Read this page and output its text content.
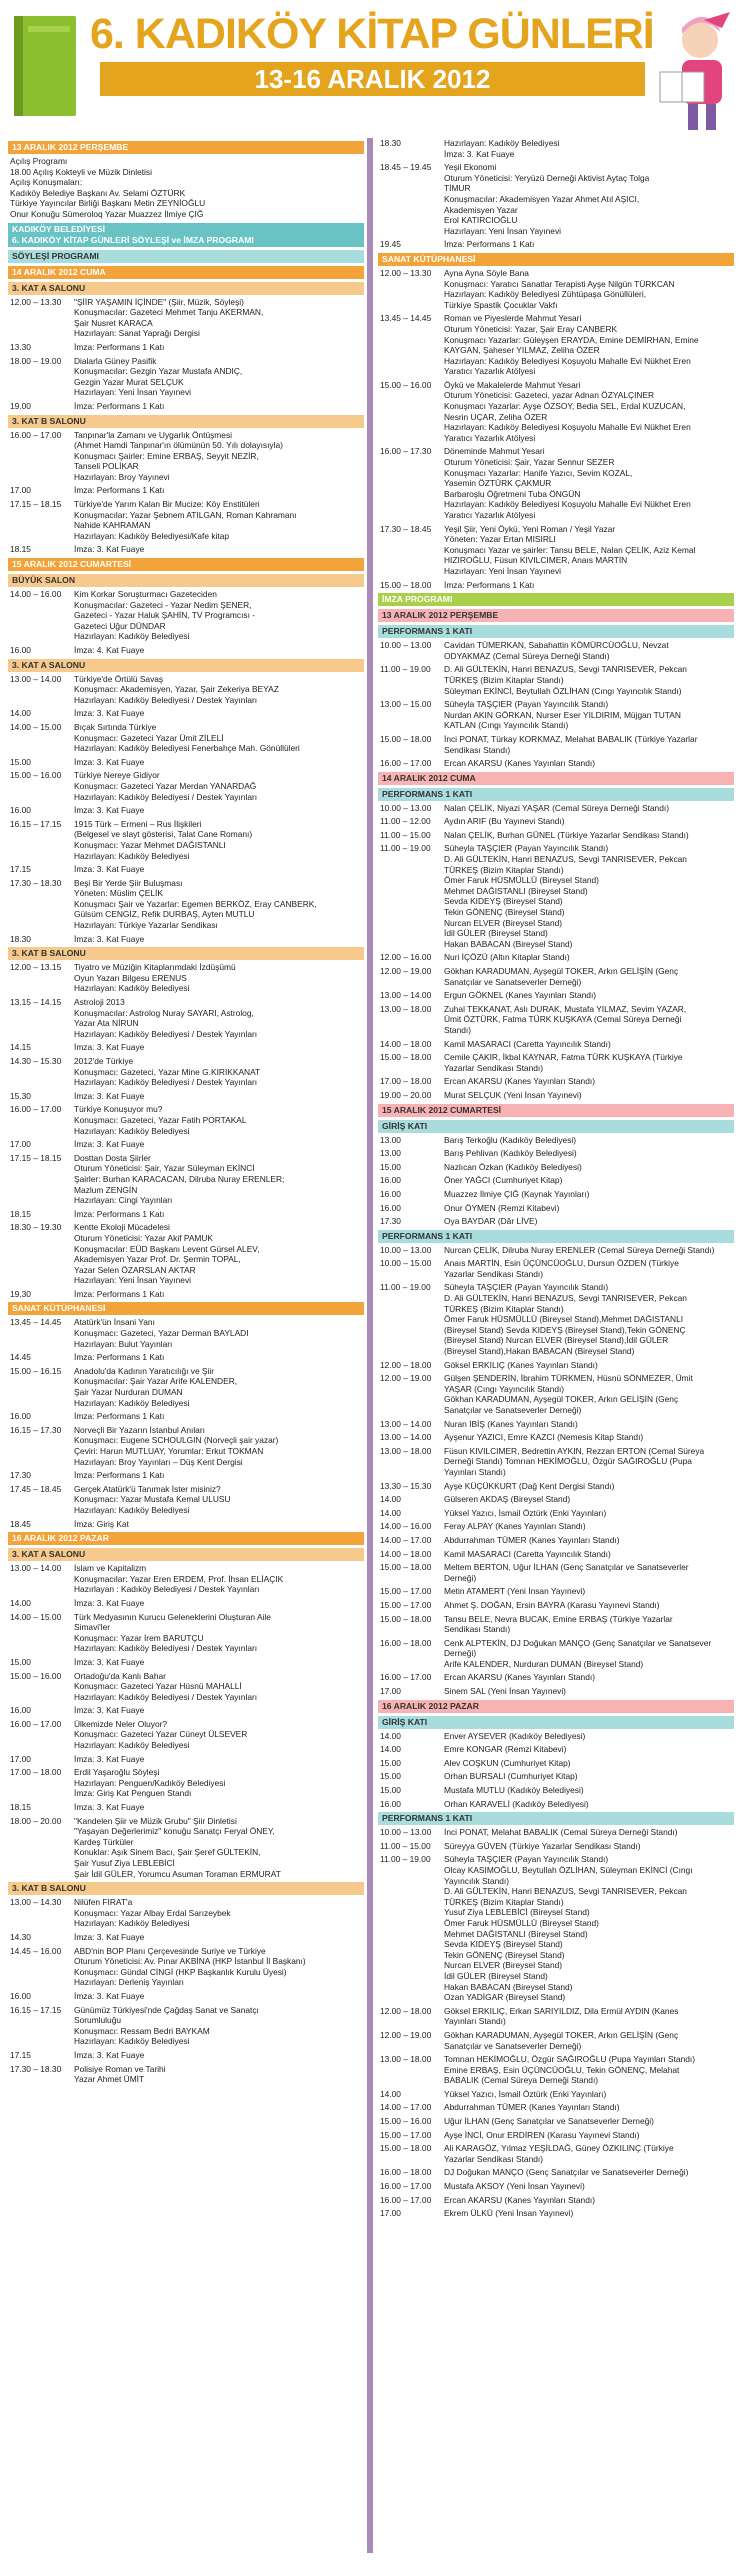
6. KADIKÖY KİTAP GÜNLERİ
13-16 ARALIK 2012
13 ARALIK 2012 PERŞEMBE
Açılış Programı
18.00 Açılış Kokteyli ve Müzik Dinletisi
Açılış Konuşmaları:
Kadıköy Belediye Başkanı Av. Selami ÖZTÜRK
Türkiye Yayıncılar Birliği Başkanı Metin ZEYNİOĞLU
Onur Konuğu Sümeroloq Yazar Muazzez İlmiye ÇIĞ
KADIKÖY BELEDİYESİ
6. KADIKÖY KİTAP GÜNLERİ SÖYLEŞİ ve İMZA PROGRAMI
SÖYLEŞİ PROGRAMI
14 ARALIK 2012 CUMA
3. KAT A SALONU
12.00 – 13.30	"ŞİİR YAŞAMIN İÇİNDE" (Şiir, Müzik, Söyleşi)
Konuşmacılar: Gazeteci Mehmet Tanju AKERMAN,
Şair Nusret KARACA
Hazırlayan: Sanat Yaprağı Dergisi
13.30	İmza: Performans 1 Katı
18.00 – 19.00	Dialarla Güney Pasifik
Konuşmacılar: Gezgin Yazar Mustafa ANDIÇ,
Gezgin Yazar Murat SELÇUK
Hazırlayan: Yeni İnsan Yayınevi
19.00	İmza: Performans 1 Katı
3. KAT B SALONU
16.00 – 17.00	Tanpınar'la Zamanı ve Uygarlık Öntüşmesi
(Ahmet Hamdi Tanpınar'ın ölümünün 50. Yılı dolayısıyla)
Konuşmacı Şairler: Emine ERBAŞ, Seyyit NEZİR,
Tanseli POLİKAR
Hazırlayan: Broy Yayınevi
17.00	İmza: Performans 1 Katı
17.15 – 18.15	Türkiye'de Yarım Kalan Bir Mucize: Köy Enstitüleri
Konuşmacılar: Yazar Şebnem ATILGAN, Roman Kahramanı
Nahide KAHRAMAN
Hazırlayan: Kadıköy Belediyesi/Kafe kitap
18.15	İmza: 3. Kat Fuaye
15 ARALIK 2012 CUMARTESİ
BÜYÜK SALON
14.00 – 16.00	Kim Korkar Soruşturmacı Gazeteciden
Konuşmacılar: Gazeteci - Yazar Nedim ŞENER,
Gazeteci - Yazar Haluk ŞAHİN, TV Programcısı -
Gazeteci Uğur DÜNDAR
Hazırlayan: Kadıköy Belediyesi
16.00	İmza: 4. Kat Fuaye
3. KAT A SALONU
13.00 – 14.00	Türkiye'de Örtülü Savaş
Konuşmacı: Akademisyen, Yazar, Şair Zekeriya BEYAZ
Hazırlayan: Kadıköy Belediyesi / Destek Yayınları
14.00	İmza: 3. Kat Fuaye
14.00 – 15.00	Bıçak Sırtında Türkiye
Konuşmacı: Gazeteci Yazar Ümit ZİLELİ
Hazırlayan: Kadıköy Belediyesi Fenerbahçe Mah. Gönüllüleri
15.00	İmza: 3. Kat Fuaye
15.00 – 16.00	Türkiye Nereye Gidiyor
Konuşmacı: Gazeteci Yazar Merdan YANARDAĞ
Hazırlayan: Kadıköy Belediyesi / Destek Yayınları
16.00	İmza: 3. Kat Fuaye
16.15 – 17.15	1915 Türk – Ermeni – Rus İlişkileri
(Belgesel ve slayt gösterisi, Talat Cane Romanı)
Konuşmacı: Yazar Mehmet DAĞISTANLI
Hazırlayan: Kadıköy Belediyesi
17.15	İmza: 3. Kat Fuaye
17.30 – 18.30	Beşi Bir Yerde Şiir Buluşması
Yöneten: Müslim ÇELİK
Konuşmacı Şair ve Yazarlar: Egemen BERKÖZ, Eray CANBERK,
Gülsüm CENGİZ, Refik DURBAŞ, Ayten MUTLU
Hazırlayan: Türkiye Yazarlar Sendikası
18.30	İmza: 3. Kat Fuaye
3. KAT B SALONU
12.00 – 13.15	Tiyatro ve Müziğin Kitaplarımdaki İzdüşümü
Oyun Yazarı Bilgesu ERENUS
Hazırlayan: Kadıköy Belediyesi
13.15 – 14.15	Astroloji 2013
Konuşmacılar: Astrolog Nuray SAYARI, Astrolog,
Yazar Ata NİRUN
Hazırlayan: Kadıköy Belediyesi / Destek Yayınları
14.15	İmza: 3. Kat Fuaye
14.30 – 15.30	2012'de Türkiye
Konuşmacı: Gazeteci, Yazar Mine G.KIRIKKANAT
Hazırlayan: Kadıköy Belediyesi / Destek Yayınları
15.30	İmza: 3. Kat Fuaye
16.00 – 17.00	Türkiye Konuşuyor mu?
Konuşmacı: Gazeteci, Yazar Fatih PORTAKAL
Hazırlayan: Kadıköy Belediyesi
17.00	İmza: 3. Kat Fuaye
17.15 – 18.15	Dosttan Dosta Şiirler
Oturum Yöneticisi: Şair, Yazar Süleyman EKİNCİ
Şairler: Burhan KARACACAN, Dilruba Nuray ERENLER;
Mazlum ZENGİN
Hazırlayan: Cingi Yayınları
18.15	İmza: Performans 1 Katı
18.30 – 19.30	Kentte Ekoloji Mücadelesi
Oturum Yöneticisi: Yazar Akif PAMUK
Konuşmacılar: EÜD Başkanı Levent Gürsel ALEV,
Akademisyen Yazar Prof. Dr. Şermin TOPAL,
Yazar Selen ÖZARSLAN AKTAR
Hazırlayan: Yeni İnsan Yayınevi
19.30	İmza: Performans 1 Katı
SANAT KÜTÜPHANESİ
13.45 – 14.45	Atatürk'ün İnsani Yanı
Konuşmacı: Gazeteci, Yazar Derman BAYLADI
Hazırlayan: Bulut Yayınları
14.45	İmza: Performans 1 Katı
15.00 – 16.15	Anadolu'da Kadının Yaratıcılığı ve Şiir
Konuşmacılar: Şair Yazar Arife KALENDER,
Şair Yazar Nurduran DUMAN
Hazırlayan: Kadıköy Belediyesi
16.00	İmza: Performans 1 Katı
16.15 – 17.30	Norveçli Bir Yazarın İstanbul Anıları
Konuşmacı: Eugene SCHOULGIN (Norveçli şair yazar)
Çeviri: Harun MUTLUAY, Yorumlar: Erkut TOKMAN
Hazırlayan: Broy Yayınları – Düş Kent Dergisi
17.30	İmza: Performans 1 Katı
17.45 – 18.45	Gerçek Atatürk'ü Tanımak İster misiniz?
Konuşmacı: Yazar Mustafa Kemal ULUSU
Hazırlayan: Kadıköy Belediyesi
18.45	İmza: Giriş Kat
16 ARALIK 2012 PAZAR
3. KAT A SALONU
13.00 – 14.00	İslam ve Kapitalizm
Konuşmacılar: Yazar Eren ERDEM, Prof. İhsan ELİAÇIK
Hazırlayan : Kadıköy Belediyesi / Destek Yayınları
14.00	İmza: 3. Kat Fuaye
14.00 – 15.00	Türk Medyasının Kurucu Geleneklerini Oluşturan Aile
Simavi'ler
Konuşmacı: Yazar İrem BARUTÇU
Hazırlayan: Kadıköy Belediyesi / Destek Yayınları
15.00	İmza: 3. Kat Fuaye
15.00 – 16.00	Ortadoğu'da Kanlı Bahar
Konuşmacı: Gazeteci Yazar Hüsnü MAHALLİ
Hazırlayan: Kadıköy Belediyesi / Destek Yayınları
16.00	İmza: 3. Kat Fuaye
16.00 – 17.00	Ülkemizde Neler Oluyor?
Konuşmacı: Gazeteci Yazar Cüneyt ÜLSEVER
Hazırlayan: Kadıköy Belediyesi
17.00	İmza: 3. Kat Fuaye
17.00 – 18.00	Erdil Yaşaroğlu Söyleşi
Hazırlayan: Penguen/Kadıköy Belediyesi
İmza: Giriş Kat Penguen Standı
18.15	İmza: 3. Kat Fuaye
18.00 – 20.00	"Kandelen Şiir ve Müzik Grubu" Şiir Dinletisi
"Yaşayan Değerlerimiz" konuğu Sanatçı Feryal ÖNEY,
Kardeş Türküler
Konuklar: Aşık Sinem Bacı, Şair Şeref GÜLTEKİN,
Şair Yusuf Ziya LEBLEBİCİ
Şair İdil GÜLER, Yorumcu Asuman Toraman ERMURAT
3. KAT B SALONU
13.00 – 14.30	Nilüfen FIRAT'a
Konuşmacı: Yazar Albay Erdal Sarızeybek
Hazırlayan: Kadıköy Belediyesi
14.30	İmza: 3. Kat Fuaye
14.45 – 16.00	ABD'nin BOP Planı Çerçevesinde Suriye ve Türkiye
Oturum Yöneticisi: Av. Pınar AKBİNA (HKP İstanbul İl Başkanı)
Konuşmacı: Gündal CİNGİ (HKP Başkanlık Kurulu Üyesi)
Hazırlayan: Derleniş Yayınları
16.00	İmza: 3. Kat Fuaye
16.15 – 17.15	Günümüz Türkiyesi'nde Çağdaş Sanat ve Sanatçı
Sorumluluğu
Konuşmacı: Ressam Bedri BAYKAM
Hazırlayan: Kadıköy Belediyesi
17.15	İmza: 3. Kat Fuaye
17.30 – 18.30	Polisiye Roman ve Tarihi
Yazar Ahmet ÜMİT
18.30	Hazırlayan: Kadıköy Belediyesi
İmza: 3. Kat Fuaye
18.45 – 19.45	Yeşil Ekonomi
Oturum Yöneticisi: Yeryüzü Derneği Aktivist Aytaç Tolga
TİMUR
Konuşmacılar: Akademisyen Yazar Ahmet Atıl AŞICI,
Akademisyen Yazar
Erol KATIRCIOĞLU
Hazırlayan: Yeni İnsan Yayınevi
19.45	İmza: Performans 1 Katı
SANAT KÜTÜPHANESİ
12.00 – 13.30	Ayna Ayna Söyle Bana
Konuşmacı: Yaratıcı Sanatlar Terapisti Ayşe Nilgün TÜRKCAN
Hazırlayan: Kadıköy Belediyesi Zühtüpaşa Gönüllüleri,
Türkiye Spastik Çocuklar Vakfı
13.45 – 14.45	Roman ve Piyeslerde Mahmut Yesari
Oturum Yöneticisi: Yazar, Şair Eray CANBERK
Konuşmacı Yazarlar: Güleyşen ERAYDA, Emine DEMİRHAN, Emine
KAYGAN, Şaheser YILMAZ, Zeliha ÖZER
Hazırlayan: Kadıköy Belediyesi Koşuyolu Mahalle Evi Nükhet Eren
Yaratıcı Yazarlık Atölyesi
15.00 – 16.00	Öykü ve Makalelerde Mahmut Yesari
Oturum Yöneticisi: Gazeteci, yazar Adnan ÖZYALÇINER
Konuşmacı Yazarlar: Ayşe ÖZSOY, Bedia SEL, Erdal KUZUCAN,
Nesrin UÇAR, Zeliha ÖZER
Hazırlayan: Kadıköy Belediyesi Koşuyolu Mahalle Evi Nükhet Eren
Yaratıcı Yazarlık Atölyesi
16.00 – 17.30	Döneminde Mahmut Yesari
Oturum Yöneticisi: Şair, Yazar Sennur SEZER
Konuşmacı Yazarlar: Hanife Yazıcı, Sevim KOZAL,
Yasemin ÖZTÜRK ÇAKMUR
Barbaroşlu Öğretmeni Tuba ÖNGÜN
Hazırlayan: Kadıköy Belediyesi Koşuyolu Mahalle Evi Nükhet Eren
Yaratıcı Yazarlık Atölyesi
17.30 – 18.45	Yeşil Şiir, Yeni Öykü, Yeni Roman / Yeşil Yazar
Yöneten: Yazar Ertan MISIRLI
Konuşmacı Yazar ve şairler: Tansu BELE, Nalan ÇELİK, Aziz Kemal
HIZIROĞLU, Füsun KIVILCIMER, Anaıs MARTİN
Hazırlayan: Yeni İnsan Yayınevi
15.00 – 18.00	İmza: Performans 1 Katı
İMZA PROGRAMI
13 ARALIK 2012 PERŞEMBE
PERFORMANS 1 KATI
10.00 – 13.00	Cavidan TÜMERKAN, Sabahattin KÖMÜRCÜOĞLU, Nevzat
ODYAKMAZ (Cemal Süreya Derneği Standı)
11.00 – 19.00	D. Ali GÜLTEKİN, Hanri BENAZUS, Sevgi TANRISEVER, Pekcan
TÜRKEŞ (Bizim Kitaplar Standı)
Süleyman EKİNCİ, Beytullah ÖZLİHAN (Cıngı Yayıncılık Standı)
13.00 – 15.00	Süheyla TAŞÇIER (Payan Yayıncılık Standı)
Nurdan AKIN GÖRKAN, Nurser Eser YILDIRIM, Müjgan TUTAN
KATLAN (Cıngı Yayıncılık Standı)
15.00 – 18.00	İnci PONAT, Türkay KORKMAZ, Melahat BABALIK (Türkiye Yazarlar
Sendikası Standı)
16.00 – 17.00	Ercan AKARSU (Kanes Yayınları Standı)
14 ARALIK 2012 CUMA
PERFORMANS 1 KATI
10.00 – 13.00	Nalan ÇELİK, Niyazi YAŞAR (Cemal Süreya Derneği Standı)
11.00 – 12.00	Aydın ARIF (Bu Yayınevi Standı)
11.00 – 15.00	Nalan ÇELİK, Burhan GÜNEL (Türkiye Yazarlar Sendikası Standı)
11.00 – 19.00	Süheyla TAŞÇIER (Payan Yayıncılık Standı)
D. Ali GÜLTEKİN, Hanri BENAZUS, Sevgi TANRISEVER, Pekcan
TÜRKEŞ (Bizim Kitaplar Standı)
Ömer Faruk HÜSMÜLLÜ (Bireysel Stand)
Mehmet DAĞISTANLI (Bireysel Stand)
Sevda KIDEYŞ (Bireysel Stand)
Tekin GÖNENÇ (Bireysel Stand)
Nurcan ELVER (Bireysel Stand)
İdil GÜLER (Bireysel Stand)
Hakan BABACAN (Bireysel Stand)
12.00 – 16.00	Nuri İÇÖZÜ (Altın Kitaplar Standı)
12.00 – 19.00	Gökhan KARADUMAN, Ayşegül TOKER, Arkın GELİŞİN (Genç
Sanatçılar ve Sanatseverler Derneği)
13.00 – 14.00	Ergun GÖKNEL (Kanes Yayınları Standı)
13.00 – 18.00	Zuhal TEKKANAT, Aslı DURAK, Mustafa YILMAZ, Sevim YAZAR,
Ümit ÖZTÜRK, Fatma TÜRK KUŞKAYA (Cemal Süreya Derneği
Standı)
14.00 – 18.00	Kamil MASARACI (Caretta Yayıncılık Standı)
15.00 – 18.00	Cemile ÇAKIR, İkbal KAYNAR, Fatma TÜRK KUŞKAYA (Türkiye
Yazarlar Sendikası Standı)
17.00 – 18.00	Ercan AKARSU (Kanes Yayınları Standı)
19.00 – 20.00	Murat SELÇUK (Yeni İnsan Yayınevi)
15 ARALIK 2012 CUMARTESİ
GİRİŞ KATI
13.00	Barış Terkoğlu (Kadıköy Belediyesi)
13.00	Barış Pehlivan (Kadıköy Belediyesi)
15.00	Nazlıcan Özkan (Kadıköy Belediyesi)
16.00	Öner YAĞCI (Cumhuriyet Kitap)
16.00	Muazzez İlmiye ÇIĞ (Kaynak Yayınları)
16.00	Onur ÖYMEN (Remzi Kitabevi)
17.30	Oya BAYDAR (Dâr LİVE)
PERFORMANS 1 KATI
10.00 – 13.00	Nurcan ÇELİK, Dilruba Nuray ERENLER (Cemal Süreya Derneği Standı)
10.00 – 15.00	Anaıs MARTİN, Esin ÜÇÜNCÜOĞLU, Dursun ÖZDEN (Türkiye
Yazarlar Sendikası Standı)
11.00 – 19.00	Süheyla TAŞÇIER (Payan Yayıncılık Standı)
D. Ali GÜLTEKİN, Hanri BENAZUS, Sevgi TANRISEVER, Pekcan
TÜRKEŞ (Bizim Kitaplar Standı)
Ömer Faruk HÜSMÜLLÜ (Bireysel Stand),Mehmet DAĞISTANLI
(Bireysel Stand) Sevda KIDEYŞ (Bireysel Stand),Tekin GÖNENÇ
(Bireysel Stand) Nurcan ELVER (Bireysel Stand),İdil GÜLER
(Bireysel Stand),Hakan BABACAN (Bireysel Stand)
12.00 – 18.00	Göksel ERKILIÇ (Kanes Yayınları Standı)
12.00 – 19.00	Gülşen ŞENDERİN, İbrahim TÜRKMEN, Hüsnü SÖNMEZER, Ümit
YAŞAR (Cıngı Yayıncılık Standı)
Gökhan KARADUMAN, Ayşegül TOKER, Arkın GELİŞİN (Genç
Sanatçılar ve Sanatseverler Derneği)
13.00 – 14.00	Nuran İBİŞ (Kanes Yayınları Standı)
13.00 – 14.00	Ayşenur YAZICI, Emre KAZCI (Nemesis Kitap Standı)
13.00 – 18.00	Füsun KIVILCIMER, Bedrettin AYKIN, Rezzan ERTON (Cemal Süreya
Derneği Standı) Tomrıan HEKİMOĞLU, Özgür SAĞIROĞLU (Pupa
Yayınları Standı)
13.30 – 15.30	Ayşe KÜÇÜKKURT (Dağ Kent Dergisi Standı)
14.00	Gülseren AKDAŞ (Bireysel Stand)
14.00	Yüksel Yazıcı, İsmail Öztürk (Enki Yayınları)
14.00 – 16.00	Feray ALPAY (Kanes Yayınları Standı)
14.00 – 17.00	Abdurrahman TÜMER (Kanes Yayınları Standı)
14.00 – 18.00	Kamil MASARACI (Caretta Yayıncılık Standı)
15.00 – 18.00	Meltem BERTON, Uğur İLHAN (Genç Sanatçılar ve Sanatseverler
Derneği)
15.00 – 17.00	Metin ATAMERT (Yeni İnsan Yayınevi)
15.00 – 17.00	Ahmet Ş. DOĞAN, Ersin BAYRA (Karasu Yayınevi Standı)
15.00 – 18.00	Tansu BELE, Nevra BUCAK, Emine ERBAŞ (Türkiye Yazarlar
Sendikası Standı)
16.00 – 18.00	Cenk ALPTEKİN, DJ Doğukan MANÇO (Genç Sanatçılar ve Sanatsever
Derneği)
Arife KALENDER, Nurduran DUMAN (Bireysel Stand)
16.00 – 17.00	Ercan AKARSU (Kanes Yayınları Standı)
17.00	Sinem SAL (Yeni İnsan Yayınevi)
16 ARALIK 2012 PAZAR
GİRİŞ KATI
14.00	Enver AYSEVER (Kadıköy Belediyesi)
14.00	Emre KONGAR (Remzi Kitabevi)
15.00	Alev COŞKUN (Cumhuriyet Kitap)
15.00	Orhan BURSALI (Cumhuriyet Kitap)
15.00	Mustafa MUTLU (Kadıköy Belediyesi)
16.00	Orhan KARAVELİ (Kadıköy Belediyesi)
PERFORMANS 1 KATI
10.00 – 13.00	İnci PONAT, Melahat BABALIK (Cemal Süreya Derneği Standı)
11.00 – 15.00	Süreyya GÜVEN (Türkiye Yazarlar Sendikası Standı)
11.00 – 19.00	Süheyla TAŞÇIER (Payan Yayıncılık Standı)
Olcay KASIMOĞLU, Beytullah ÖZLİHAN, Süleyman EKİNCİ (Cıngı
Yayıncılık Standı)
D. Ali GÜLTEKİN, Hanri BENAZUS, Sevgi TANRISEVER, Pekcan
TÜRKEŞ (Bizim Kitaplar Standı)
Yusuf Ziya LEBLEBİCİ (Bireysel Stand)
Ömer Faruk HÜSMÜLLÜ (Bireysel Stand)
Mehmet DAĞISTANLI (Bireysel Stand)
Sevda KIDEYŞ (Bireysel Stand)
Tekin GÖNENÇ (Bireysel Stand)
Nurcan ELVER (Bireysel Stand)
İdil GÜLER (Bireysel Stand)
Hakan BABACAN (Bireysel Stand)
Ozan YADİGAR (Bireysel Stand)
12.00 – 18.00	Göksel ERKILIÇ, Erkan SARIYILDIZ, Dila Ermül AYDIN (Kanes
Yayınları Standı)
12.00 – 19.00	Gökhan KARADUMAN, Ayşegül TOKER, Arkın GELİŞİN (Genç
Sanatçılar ve Sanatseverler Derneği)
13.00 – 18.00	Tomrıan HEKİMOĞLU, Özgür SAĞIROĞLU (Pupa Yayınları Standı)
Emine ERBAŞ, Esin ÜÇÜNCÜOĞLU, Tekin GÖNENÇ, Melahat
BABALIK (Cemal Süreya Derneği Standı)
14.00	Yüksel Yazıcı, İsmail Öztürk (Enki Yayınları)
14.00 – 17.00	Abdurrahman TÜMER (Kanes Yayınları Standı)
15.00 – 16.00	Uğur İLHAN (Genç Sanatçılar ve Sanatseverler Derneği)
15.00 – 17.00	Ayşe İNCİ, Onur ERDİREN (Karasu Yayınevi Standı)
15.00 – 18.00	Ali KARAGÖZ, Yılmaz YEŞİLDAĞ, Güney ÖZKILINÇ (Türkiye
Yazarlar Sendikası Standı)
16.00 – 18.00	DJ Doğukan MANÇO (Genç Sanatçılar ve Sanatseverler Derneği)
16.00 – 17.00	Mustafa AKSOY (Yeni İnsan Yayınevi)
16.00 – 17.00	Ercan AKARSU (Kanes Yayınları Standı)
17.00	Ekrem ÜLKÜ (Yeni İnsan Yayınevi)
